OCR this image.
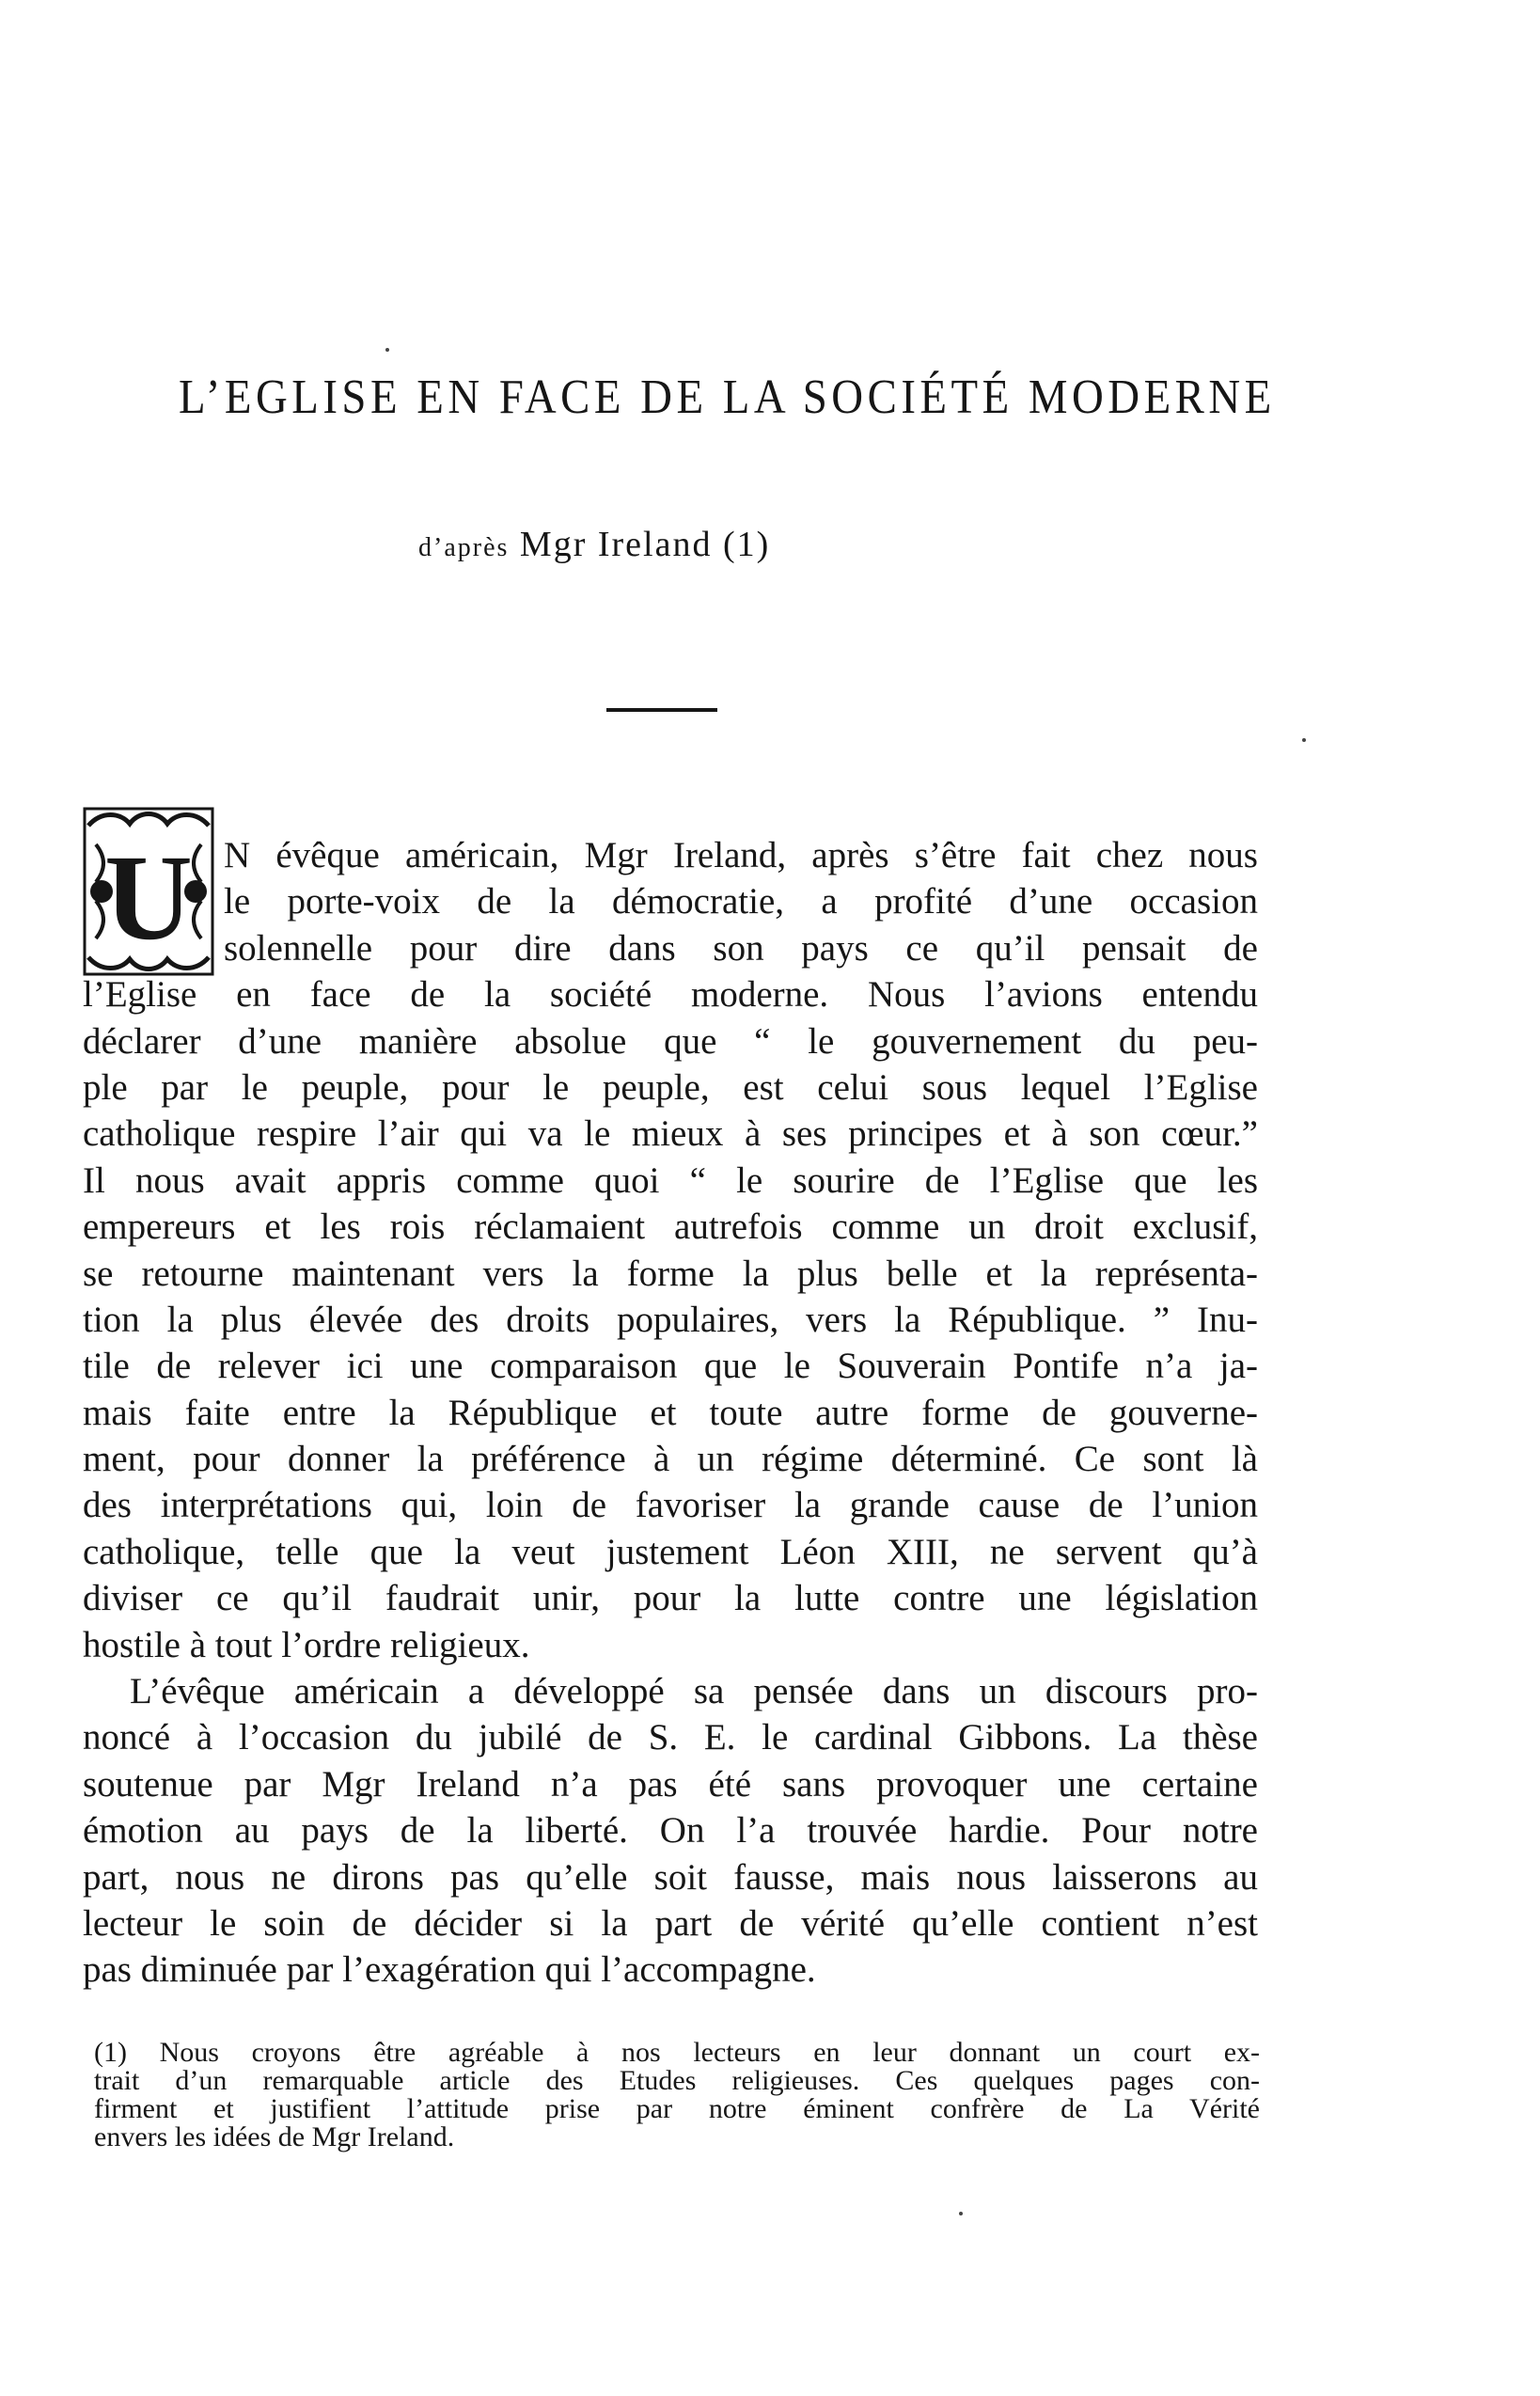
L’EGLISE EN FACE DE LA SOCIÉTÉ MODERNE
d’après Mgr Ireland (1)
U N évêque américain, Mgr Ireland, après s’être fait chez nous
le porte-voix de la démocratie, a profité d’une occasion
solennelle pour dire dans son pays ce qu’il pensait de
l’Eglise en face de la société moderne. Nous l’avions entendu
déclarer d’une manière absolue que “ le gouvernement du peu-
ple par le peuple, pour le peuple, est celui sous lequel l’Eglise
catholique respire l’air qui va le mieux à ses principes et à son cœur.”
Il nous avait appris comme quoi “ le sourire de l’Eglise que les
empereurs et les rois réclamaient autrefois comme un droit exclusif,
se retourne maintenant vers la forme la plus belle et la représenta-
tion la plus élevée des droits populaires, vers la République. ” Inu-
tile de relever ici une comparaison que le Souverain Pontife n’a ja-
mais faite entre la République et toute autre forme de gouverne-
ment, pour donner la préférence à un régime déterminé. Ce sont là
des interprétations qui, loin de favoriser la grande cause de l’union
catholique, telle que la veut justement Léon XIII, ne servent qu’à
diviser ce qu’il faudrait unir, pour la lutte contre une législation
hostile à tout l’ordre religieux.
L’évêque américain a développé sa pensée dans un discours pro-
noncé à l’occasion du jubilé de S. E. le cardinal Gibbons. La thèse
soutenue par Mgr Ireland n’a pas été sans provoquer une certaine
émotion au pays de la liberté. On l’a trouvée hardie. Pour notre
part, nous ne dirons pas qu’elle soit fausse, mais nous laisserons au
lecteur le soin de décider si la part de vérité qu’elle contient n’est
pas diminuée par l’exagération qui l’accompagne.
(1) Nous croyons être agréable à nos lecteurs en leur donnant un court ex-
trait d’un remarquable article des Etudes religieuses. Ces quelques pages con-
firment et justifient l’attitude prise par notre éminent confrère de La Vérité
envers les idées de Mgr Ireland.
